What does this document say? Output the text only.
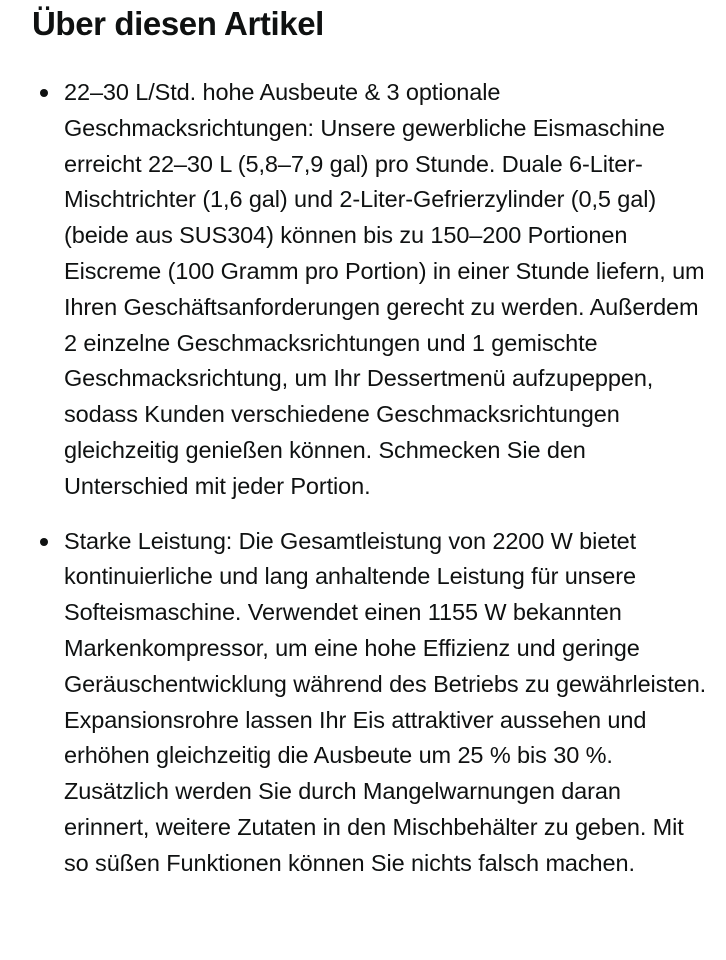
Über diesen Artikel
22–30 L/Std. hohe Ausbeute & 3 optionale Geschmacksrichtungen: Unsere gewerbliche Eismaschine erreicht 22–30 L (5,8–7,9 gal) pro Stunde. Duale 6-Liter-Mischtrichter (1,6 gal) und 2-Liter-Gefrierzylinder (0,5 gal) (beide aus SUS304) können bis zu 150–200 Portionen Eiscreme (100 Gramm pro Portion) in einer Stunde liefern, um Ihren Geschäftsanforderungen gerecht zu werden. Außerdem 2 einzelne Geschmacksrichtungen und 1 gemischte Geschmacksrichtung, um Ihr Dessertmenü aufzupeppen, sodass Kunden verschiedene Geschmacksrichtungen gleichzeitig genießen können. Schmecken Sie den Unterschied mit jeder Portion.
Starke Leistung: Die Gesamtleistung von 2200 W bietet kontinuierliche und lang anhaltende Leistung für unsere Softeismaschine. Verwendet einen 1155 W bekannten Markenkompressor, um eine hohe Effizienz und geringe Geräuschentwicklung während des Betriebs zu gewährleisten. Expansionsrohre lassen Ihr Eis attraktiver aussehen und erhöhen gleichzeitig die Ausbeute um 25 % bis 30 %. Zusätzlich werden Sie durch Mangelwarnungen daran erinnert, weitere Zutaten in den Mischbehälter zu geben. Mit so süßen Funktionen können Sie nichts falsch machen.
